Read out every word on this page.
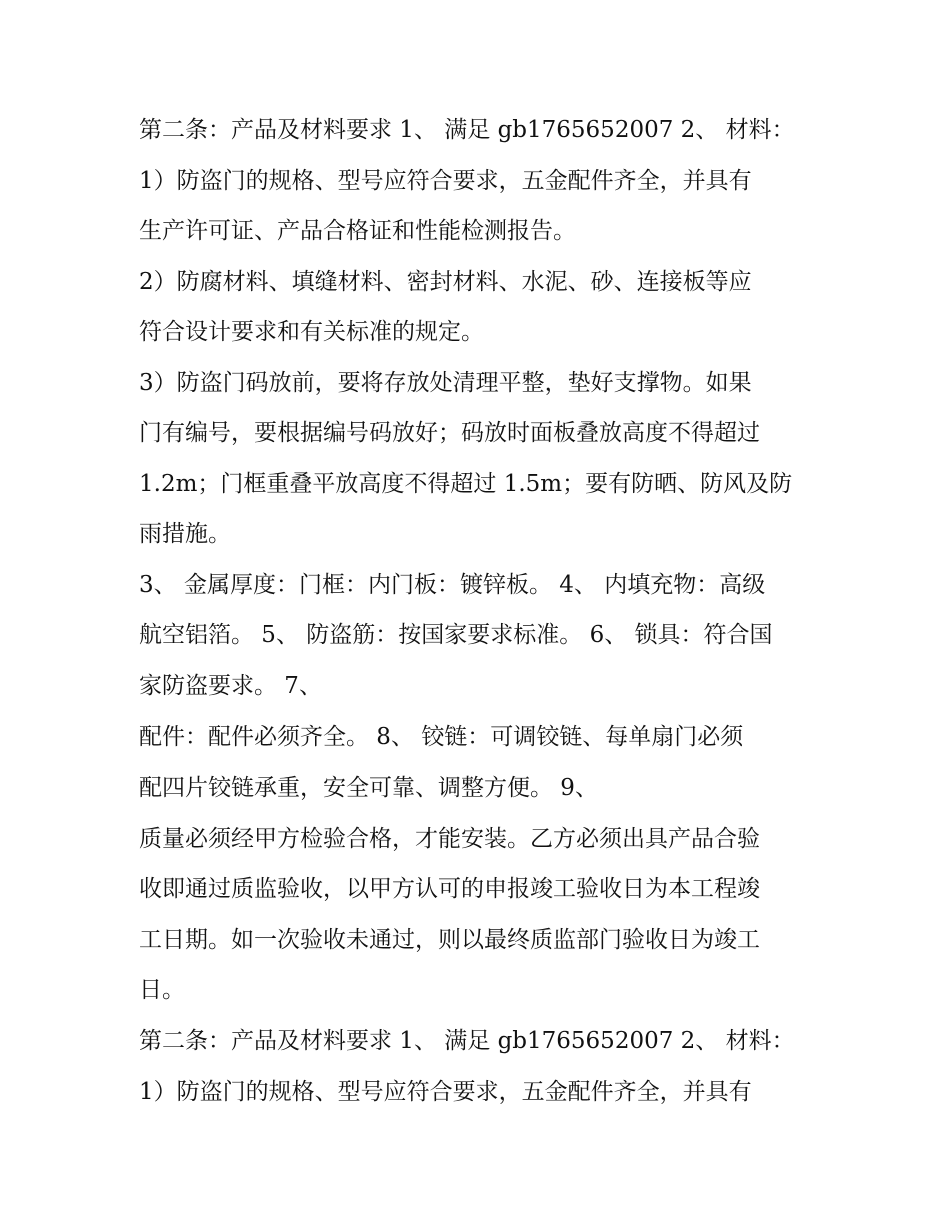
第二条：产品及材料要求 1、 满足 gb1765652007 2、 材料：
1）防盗门的规格、型号应符合要求，五金配件齐全，并具有
生产许可证、产品合格证和性能检测报告。
2）防腐材料、填缝材料、密封材料、水泥、砂、连接板等应
符合设计要求和有关标准的规定。
3）防盗门码放前，要将存放处清理平整，垫好支撑物。如果
门有编号，要根据编号码放好；码放时面板叠放高度不得超过
1.2m；门框重叠平放高度不得超过 1.5m；要有防晒、防风及防
雨措施。
3、 金属厚度：门框：内门板：镀锌板。 4、 内填充物：高级
航空铝箔。 5、 防盗筋：按国家要求标准。 6、 锁具：符合国
家防盗要求。 7、
配件：配件必须齐全。 8、 铰链：可调铰链、每单扇门必须
配四片铰链承重，安全可靠、调整方便。 9、
质量必须经甲方检验合格，才能安装。乙方必须出具产品合验
收即通过质监验收，以甲方认可的申报竣工验收日为本工程竣
工日期。如一次验收未通过，则以最终质监部门验收日为竣工
日。
第二条：产品及材料要求 1、 满足 gb1765652007 2、 材料：
1）防盗门的规格、型号应符合要求，五金配件齐全，并具有
